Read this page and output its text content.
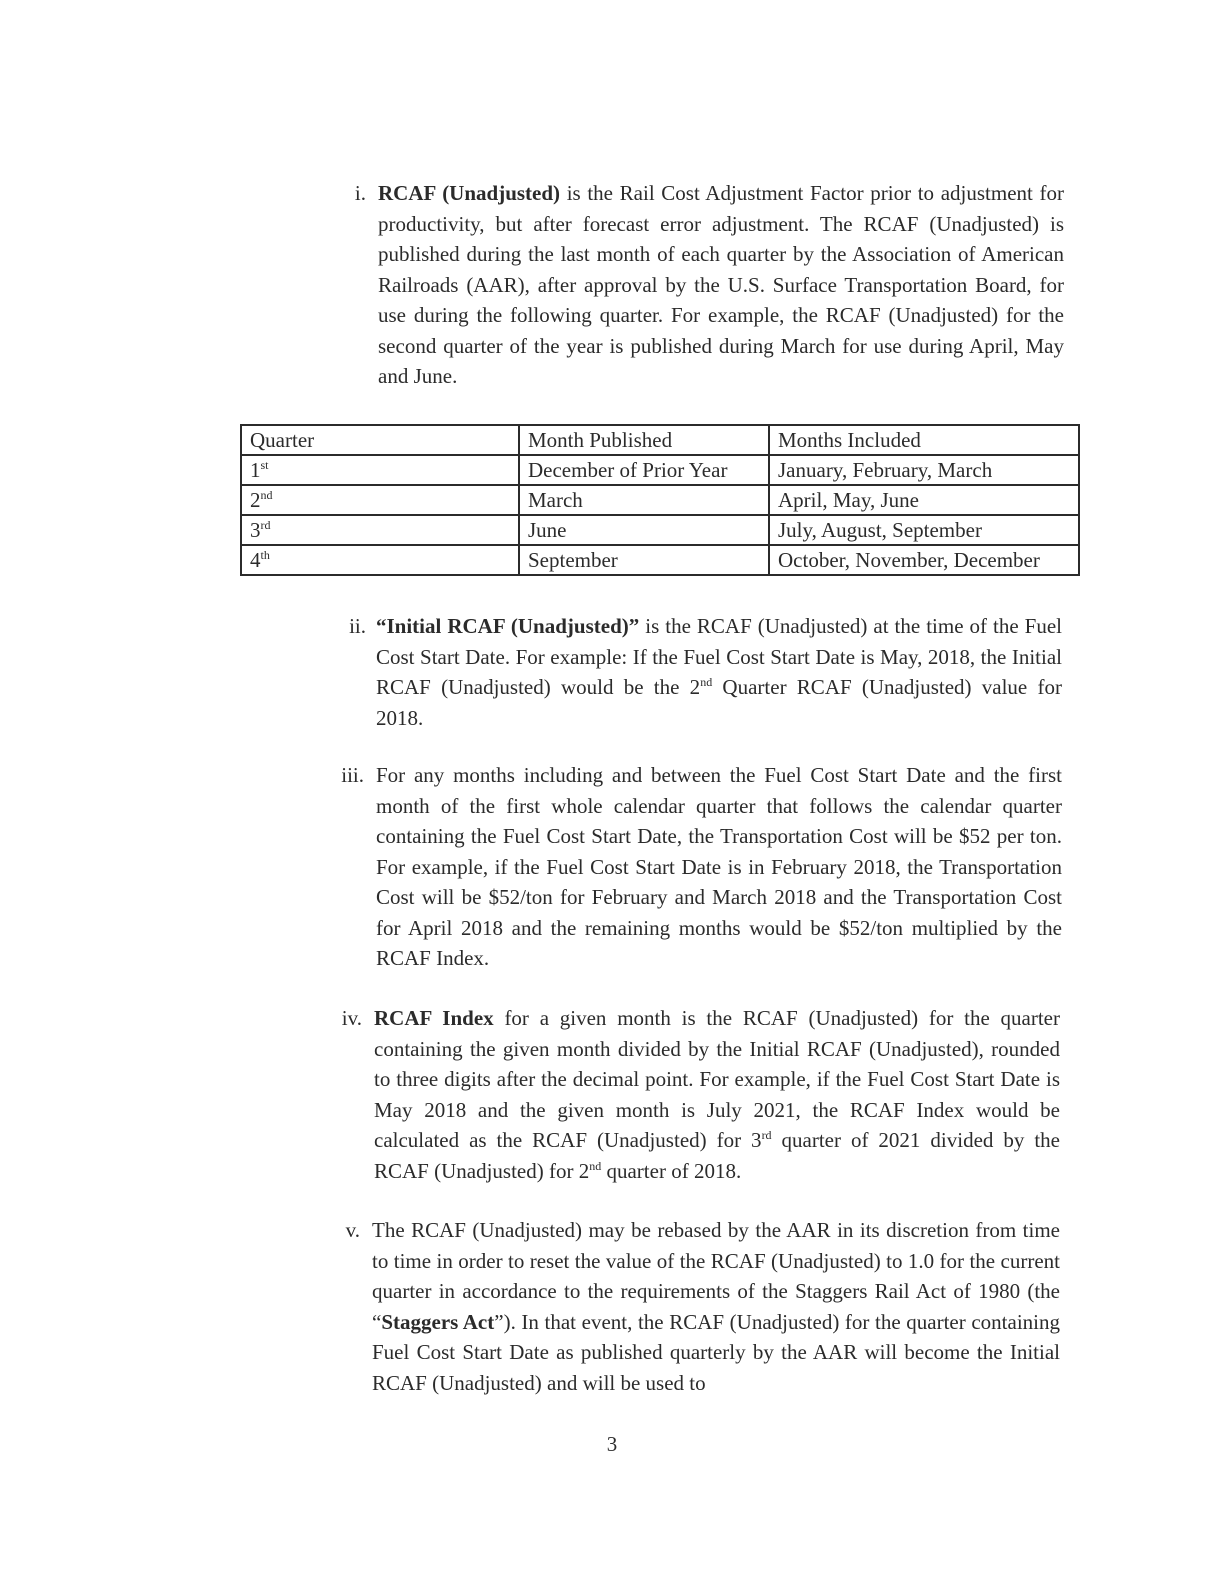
i. RCAF (Unadjusted) is the Rail Cost Adjustment Factor prior to adjustment for productivity, but after forecast error adjustment. The RCAF (Unadjusted) is published during the last month of each quarter by the Association of American Railroads (AAR), after approval by the U.S. Surface Transportation Board, for use during the following quarter. For example, the RCAF (Unadjusted) for the second quarter of the year is published during March for use during April, May and June.
Quarter	Month Published	Months Included
1st	December of Prior Year	January, February, March
2nd	March	April, May, June
3rd	June	July, August, September
4th	September	October, November, December
ii. “Initial RCAF (Unadjusted)” is the RCAF (Unadjusted) at the time of the Fuel Cost Start Date. For example: If the Fuel Cost Start Date is May, 2018, the Initial RCAF (Unadjusted) would be the 2nd Quarter RCAF (Unadjusted) value for 2018.
iii. For any months including and between the Fuel Cost Start Date and the first month of the first whole calendar quarter that follows the calendar quarter containing the Fuel Cost Start Date, the Transportation Cost will be $52 per ton. For example, if the Fuel Cost Start Date is in February 2018, the Transportation Cost will be $52/ton for February and March 2018 and the Transportation Cost for April 2018 and the remaining months would be $52/ton multiplied by the RCAF Index.
iv. RCAF Index for a given month is the RCAF (Unadjusted) for the quarter containing the given month divided by the Initial RCAF (Unadjusted), rounded to three digits after the decimal point. For example, if the Fuel Cost Start Date is May 2018 and the given month is July 2021, the RCAF Index would be calculated as the RCAF (Unadjusted) for 3rd quarter of 2021 divided by the RCAF (Unadjusted) for 2nd quarter of 2018.
v. The RCAF (Unadjusted) may be rebased by the AAR in its discretion from time to time in order to reset the value of the RCAF (Unadjusted) to 1.0 for the current quarter in accordance to the requirements of the Staggers Rail Act of 1980 (the “Staggers Act”). In that event, the RCAF (Unadjusted) for the quarter containing Fuel Cost Start Date as published quarterly by the AAR will become the Initial RCAF (Unadjusted) and will be used to
3
